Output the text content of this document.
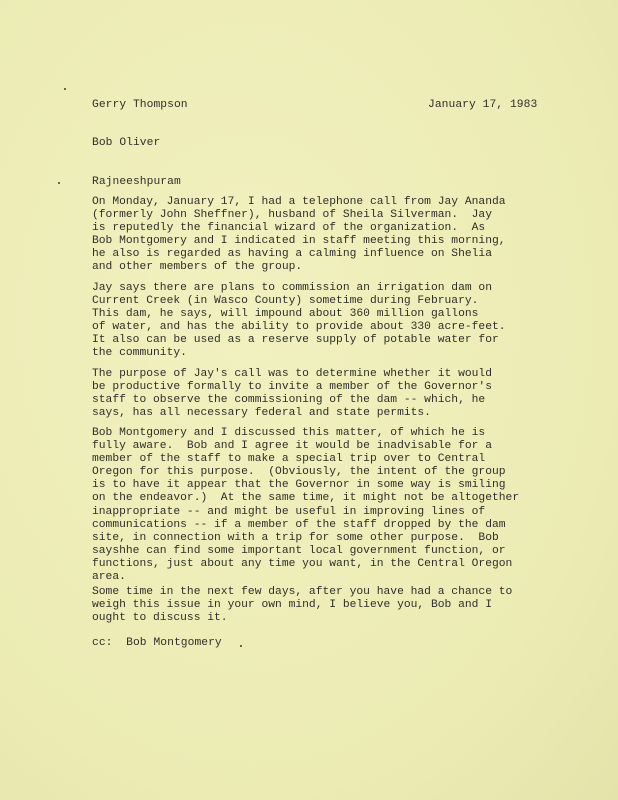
Gerry Thompson	January 17, 1983
Bob Oliver
Rajneeshpuram
On Monday, January 17, I had a telephone call from Jay Ananda
(formerly John Sheffner), husband of Sheila Silverman.  Jay
is reputedly the financial wizard of the organization.  As
Bob Montgomery and I indicated in staff meeting this morning,
he also is regarded as having a calming influence on Shelia
and other members of the group.
Jay says there are plans to commission an irrigation dam on
Current Creek (in Wasco County) sometime during February.
This dam, he says, will impound about 360 million gallons
of water, and has the ability to provide about 330 acre-feet.
It also can be used as a reserve supply of potable water for
the community.
The purpose of Jay's call was to determine whether it would
be productive formally to invite a member of the Governor's
staff to observe the commissioning of the dam -- which, he
says, has all necessary federal and state permits.
Bob Montgomery and I discussed this matter, of which he is
fully aware.  Bob and I agree it would be inadvisable for a
member of the staff to make a special trip over to Central
Oregon for this purpose.  (Obviously, the intent of the group
is to have it appear that the Governor in some way is smiling
on the endeavor.)  At the same time, it might not be altogether
inappropriate -- and might be useful in improving lines of
communications -- if a member of the staff dropped by the dam
site, in connection with a trip for some other purpose.  Bob
sayshhe can find some important local government function, or
functions, just about any time you want, in the Central Oregon
area.
Some time in the next few days, after you have had a chance to
weigh this issue in your own mind, I believe you, Bob and I
ought to discuss it.
cc:  Bob Montgomery
